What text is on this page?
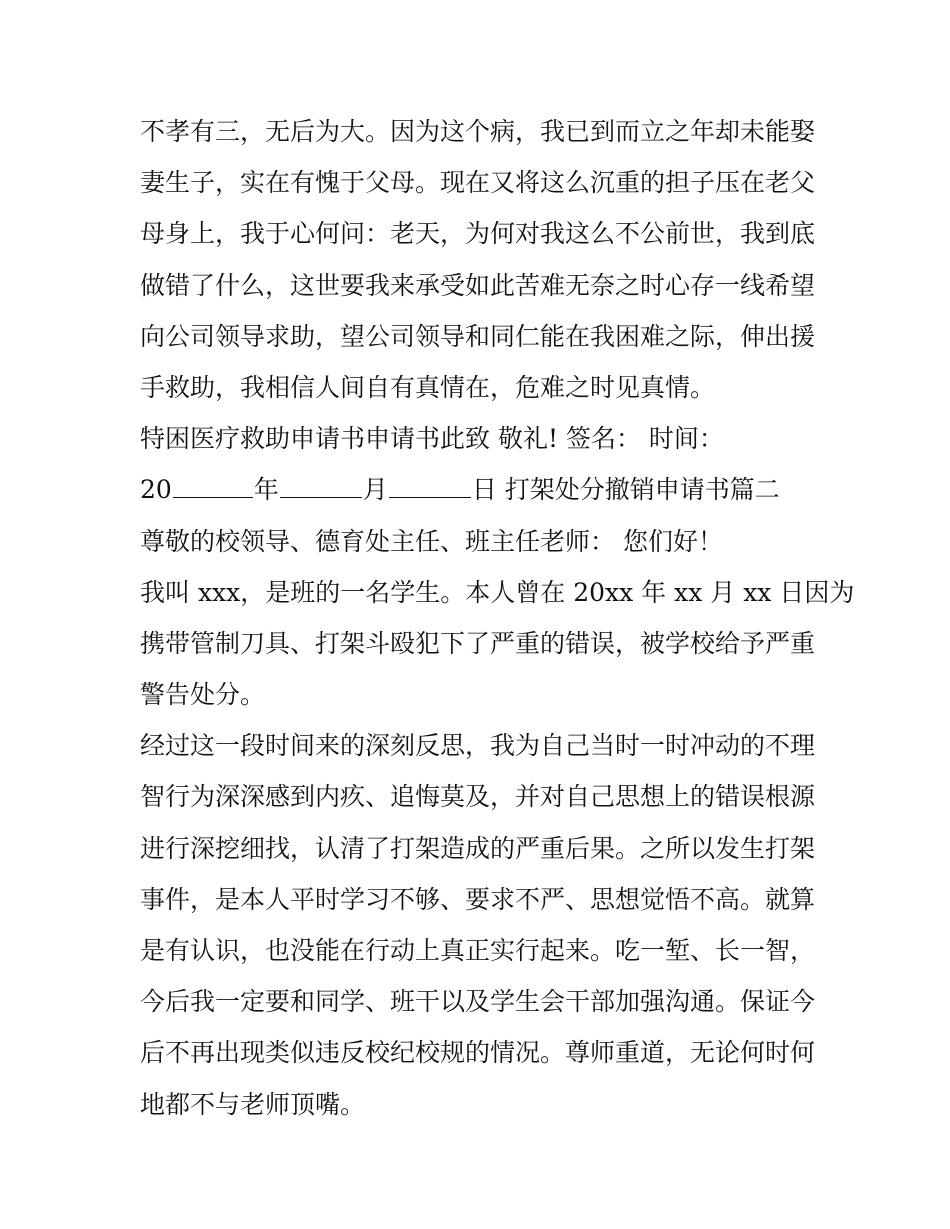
不孝有三，无后为大。因为这个病，我已到而立之年却未能娶
妻生子，实在有愧于父母。现在又将这么沉重的担子压在老父
母身上，我于心何问：老天，为何对我这么不公前世，我到底
做错了什么，这世要我来承受如此苦难无奈之时心存一线希望
向公司领导求助，望公司领导和同仁能在我困难之际，伸出援
手救助，我相信人间自有真情在，危难之时见真情。
特困医疗救助申请书申请书此致 敬礼! 签名： 时间：
20	年	月	日 打架处分撤销申请书篇二
尊敬的校领导、德育处主任、班主任老师： 您们好！
我叫 xxx，是班的一名学生。本人曾在 20xx 年 xx 月 xx 日因为
携带管制刀具、打架斗殴犯下了严重的错误，被学校给予严重
警告处分。
经过这一段时间来的深刻反思，我为自己当时一时冲动的不理
智行为深深感到内疚、追悔莫及，并对自己思想上的错误根源
进行深挖细找，认清了打架造成的严重后果。之所以发生打架
事件，是本人平时学习不够、要求不严、思想觉悟不高。就算
是有认识，也没能在行动上真正实行起来。吃一堑、长一智，
今后我一定要和同学、班干以及学生会干部加强沟通。保证今
后不再出现类似违反校纪校规的情况。尊师重道，无论何时何
地都不与老师顶嘴。
